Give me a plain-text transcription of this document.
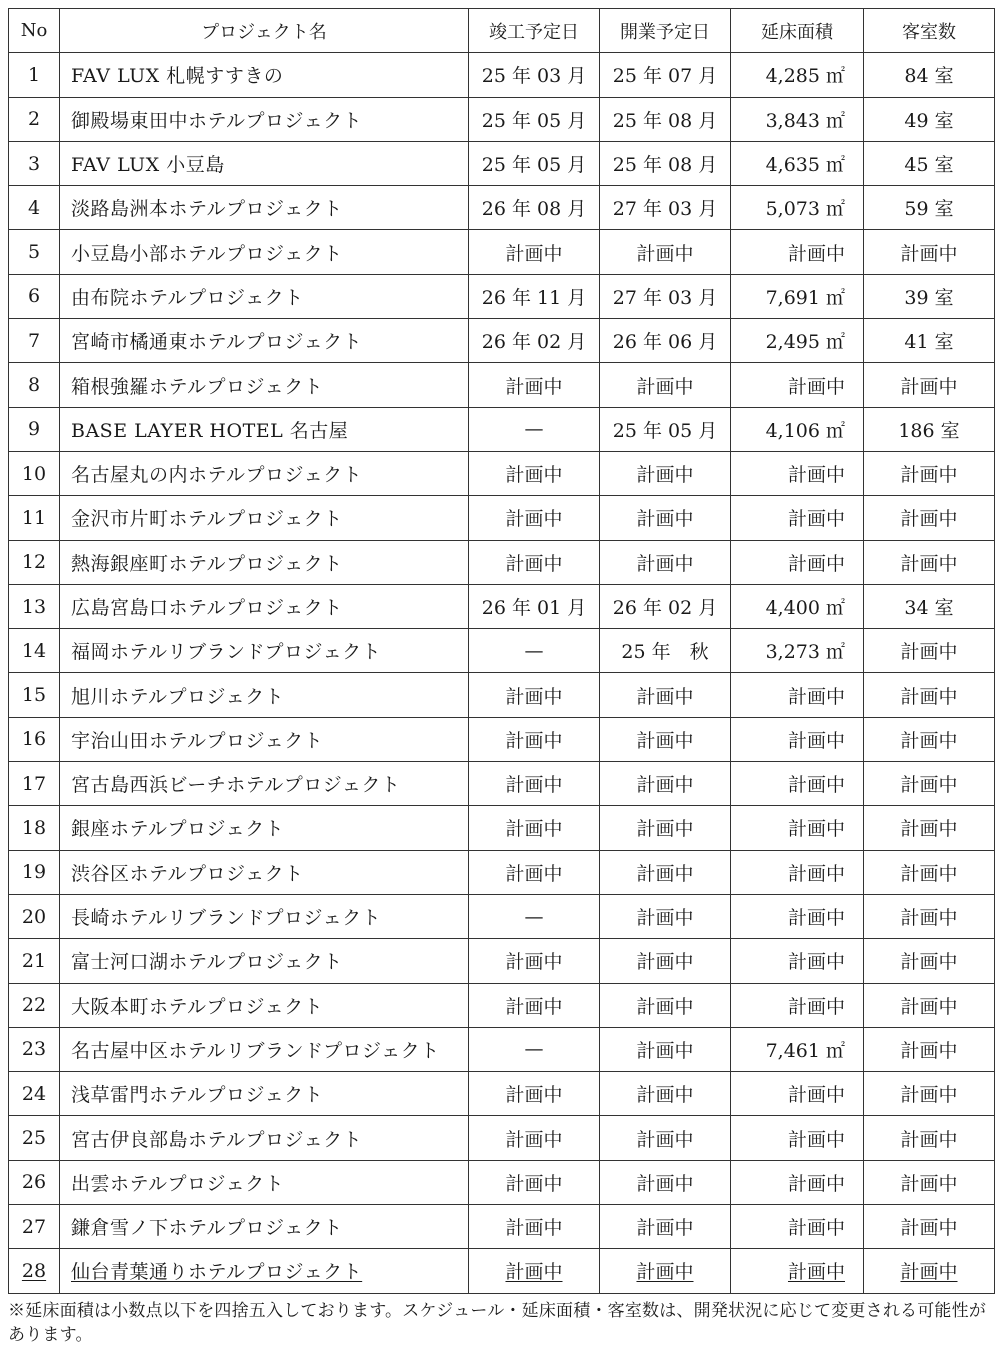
No	プロジェクト名	竣工予定日	開業予定日	延床面積	客室数
1	FAV LUX 札幌すすきの	25 年 03 月	25 年 07 月	4,285 ㎡	84 室
2	御殿場東田中ホテルプロジェクト	25 年 05 月	25 年 08 月	3,843 ㎡	49 室
3	FAV LUX 小豆島	25 年 05 月	25 年 08 月	4,635 ㎡	45 室
4	淡路島洲本ホテルプロジェクト	26 年 08 月	27 年 03 月	5,073 ㎡	59 室
5	小豆島小部ホテルプロジェクト	計画中	計画中	計画中	計画中
6	由布院ホテルプロジェクト	26 年 11 月	27 年 03 月	7,691 ㎡	39 室
7	宮崎市橘通東ホテルプロジェクト	26 年 02 月	26 年 06 月	2,495 ㎡	41 室
8	箱根強羅ホテルプロジェクト	計画中	計画中	計画中	計画中
9	BASE LAYER HOTEL 名古屋	—	25 年 05 月	4,106 ㎡	186 室
10	名古屋丸の内ホテルプロジェクト	計画中	計画中	計画中	計画中
11	金沢市片町ホテルプロジェクト	計画中	計画中	計画中	計画中
12	熱海銀座町ホテルプロジェクト	計画中	計画中	計画中	計画中
13	広島宮島口ホテルプロジェクト	26 年 01 月	26 年 02 月	4,400 ㎡	34 室
14	福岡ホテルリブランドプロジェクト	—	25 年　秋	3,273 ㎡	計画中
15	旭川ホテルプロジェクト	計画中	計画中	計画中	計画中
16	宇治山田ホテルプロジェクト	計画中	計画中	計画中	計画中
17	宮古島西浜ビーチホテルプロジェクト	計画中	計画中	計画中	計画中
18	銀座ホテルプロジェクト	計画中	計画中	計画中	計画中
19	渋谷区ホテルプロジェクト	計画中	計画中	計画中	計画中
20	長崎ホテルリブランドプロジェクト	—	計画中	計画中	計画中
21	富士河口湖ホテルプロジェクト	計画中	計画中	計画中	計画中
22	大阪本町ホテルプロジェクト	計画中	計画中	計画中	計画中
23	名古屋中区ホテルリブランドプロジェクト	—	計画中	7,461 ㎡	計画中
24	浅草雷門ホテルプロジェクト	計画中	計画中	計画中	計画中
25	宮古伊良部島ホテルプロジェクト	計画中	計画中	計画中	計画中
26	出雲ホテルプロジェクト	計画中	計画中	計画中	計画中
27	鎌倉雪ノ下ホテルプロジェクト	計画中	計画中	計画中	計画中
28	仙台青葉通りホテルプロジェクト	計画中	計画中	計画中	計画中
※延床面積は小数点以下を四捨五入しております。スケジュール・延床面積・客室数は、開発状況に応じて変更される可能性があります。
